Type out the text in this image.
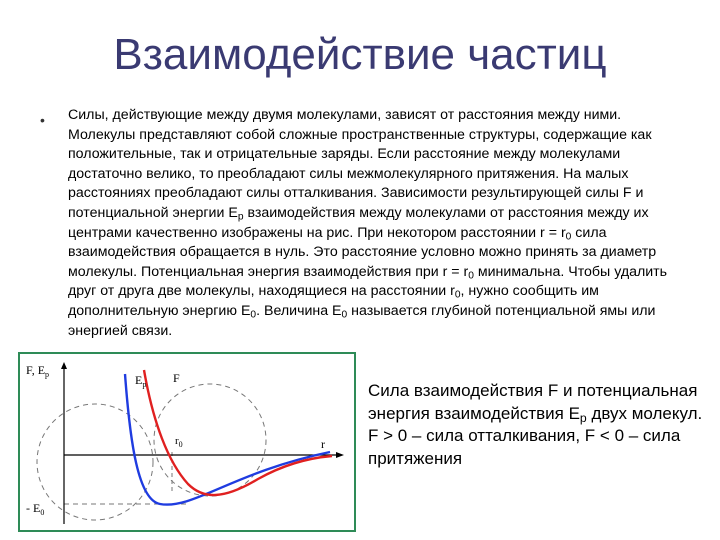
Взаимодействие частиц
• Силы, действующие между двумя молекулами, зависят от расстояния между ними. Молекулы представляют собой сложные пространственные структуры, содержащие как положительные, так и отрицательные заряды. Если расстояние между молекулами достаточно велико, то преобладают силы межмолекулярного притяжения. На малых расстояниях преобладают силы отталкивания. Зависимости результирующей силы F и потенциальной энергии $E_p$ взаимодействия между молекулами от расстояния между их центрами качественно изображены на рис. При некотором расстоянии $r = r_0$ сила взаимодействия обращается в нуль. Это расстояние условно можно принять за диаметр молекулы. Потенциальная энергия взаимодействия при $r = r_0$ минимальна. Чтобы удалить друг от друга две молекулы, находящиеся на расстоянии $r_0$, нужно сообщить им дополнительную энергию $E_0$. Величина $E_0$ называется глубиной потенциальной ямы или энергией связи.
F, $E_p$	$E_p$ F
$r_0$	r
- $E_0$
Сила взаимодействия F и потенциальная энергия взаимодействия $E_p$ двух молекул. F > 0 – сила отталкивания, F < 0 – сила притяжения
